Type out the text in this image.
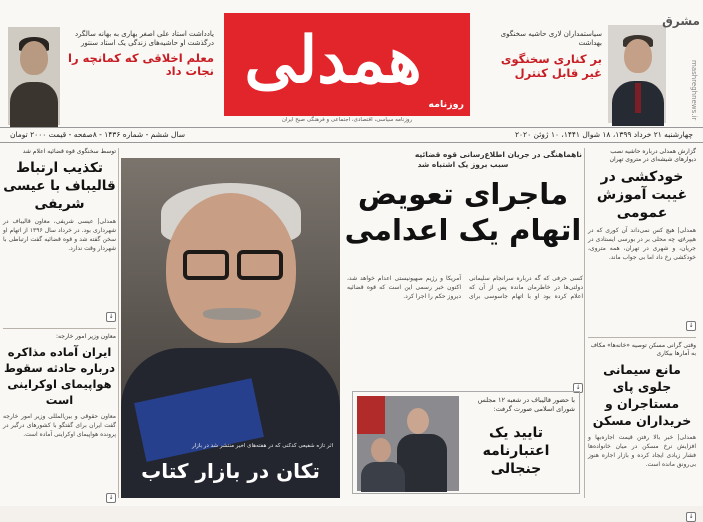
یادداشت استاد علی اصغر بهاری به بهانه سالگرد درگذشت او حاشیه‌های زندگی یک استاد سنتور
معلم اخلاقی که کمانچه را نجات داد همدلی
روزنامه
روزنامه سیاسی، اقتصادی، اجتماعی و فرهنگی صبح ایران
سیاستمداران لاری حاشیه سخنگوی بهداشت
بر کناری سخنگوی غیر قابل کنترل
مشرق
mashreghnews.ir
چهارشنبه ۲۱ خرداد ۱۳۹۹، ۱۸ شوال ۱۴۴۱، ۱۰ ژوئن ۲۰۲۰
سال ششم - شماره ۱۴۳۶ - ۸صفحه - قیمت ۲۰۰۰ تومان
گزارش همدلی درباره حاشیه نصب دیوارهای شیشه‌ای در متروی تهران
خودکشی در غیبت آموزش عمومی
همدلی| هیچ کس نمی‌داند آن کوری که در هیپر۸ۍ، چه محلی بر در بورسی ایستادی در جریان، و شهری در تهران، همه متروی، خودکشی رخ داد اما بی جواب ماند.
↓
وقتی گرانی مسکن توصیه «خانه‌ها» مکاف به آمار‌ها بیکاری
مانع سیمانی جلوی پای مستاجران و خریداران مسکن
همدلی| خبر بالا رفتن قیمت اجاره‌بها و افزایش نرخ مسکن در میان خانواده‌ها فشار زیادی ایجاد کرده و بازار اجاره هنوز بی‌رونق مانده است.
↓
ناهماهنگی در جریان اطلاع‌رسانی قوه قضائیه
سبب بروز یک اشتباه شد
ماجرای تعویض اتهام یک اعدامی
کسی حرفی که گه درباره سرانجام سلیمانی دولتی‌ها در خاطرمان مانده پس از آن که اعلام کرده بود او با اتهام جاسوسی برای آمریکا و رژیم صهیونیستی اعدام خواهد شد، اکنون خبر رسمی این است که قوه قضائیه دیروز حکم را اجرا کرد.
↓
اثر تازه شفیعی کدکنی که در هفته‌های اخیر منتشر شد در بازار
تکان در بازار کتاب
با حضور قالیباف در شعبه ۱۲ مجلس شورای اسلامی صورت گرفت:
تایید یک اعتبارنامه جنجالی
توسط سخنگوی قوه قضائیه اعلام شد
تکذیب ارتباط قالیباف با عیسی شریفی
همدلی| عیسی شریفی، معاون قالیباف در شهرداری بود. در خرداد سال ۱۳۹۶ از اتهام او سخن گفته شد و قوه قضائیه گفت ارتباطی با شهردار وقت ندارد.
↓
معاون وزیر امور خارجه:
ایران آماده مذاکره درباره حادثه سقوط هواپیمای اوکراینی است
معاون حقوقی و بین‌المللی وزیر امور خارجه گفت ایران برای گفتگو با کشورهای درگیر در پرونده هواپیمای اوکراینی آماده است.
↓
